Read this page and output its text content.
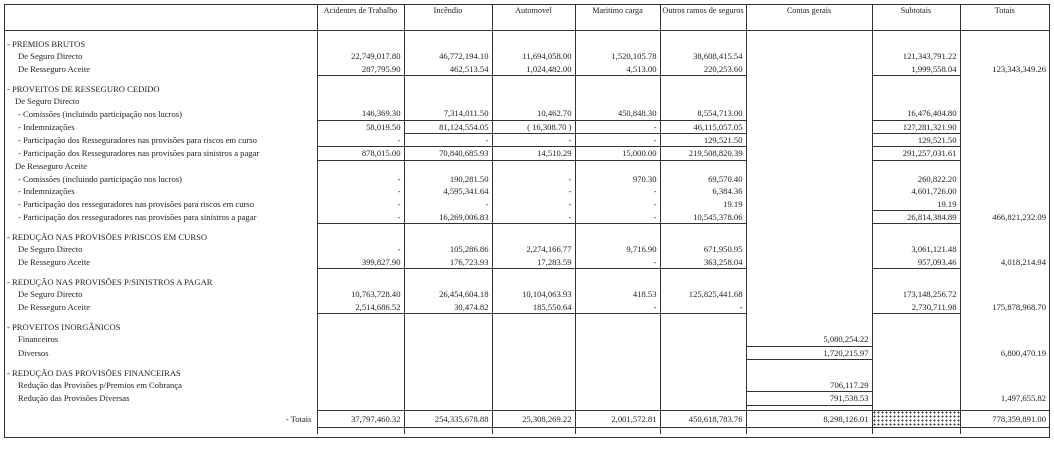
	Acidentes de Trabalho	Incêndio	Automovel	Maritimo carga	Outros ramos de seguros	Contas gerais	Subtotais	Totais

- PREMIOS BRUTOS								
De Seguro Directo	22,749,017.80	46,772,194.10	11,694,058.00	1,520,105.78	38,608,415.54		121,343,791.22	
De Resseguro Aceite	287,795.90	462,513.54	1,024,482.00	4,513.00	220,253.60		1,999,558.04	123,343,349.26

- PROVEITOS DE RESSEGURO CEDIDO								
De Seguro Directo								
- Comissões (incluindo participação nos lucros)	146,369.30	7,314,011.50	10,462.70	450,848.30	8,554,713.00		16,476,404.80	
- Indemnizações	58,019.50	81,124,554.05	( 16,308.70 )	-	46,115,057.05		127,281,321.90	
- Participação dos Resseguradores nas provisões para riscos em curso	-	-	-	-	129,521.50		129,521.50	
- Participação dos Resseguradores nas provisões para sinistros a pagar	878,015.00	70,840,685.93	14,510.29	15,000.00	219,508,820.39		291,257,031.61	
De Resseguro Aceite								
- Comissões (incluindo participação nos lucros)	-	190,281.50	-	970.30	69,570.40		260,822.20	
- Indemnizações	-	4,595,341.64	-	-	6,384.36		4,601,726.00	
- Participação dos resseguradores nas provisões para riscos em curso	-	-	-	-	19.19		19.19	
- Participação dos resseguradores nas provisões para sinistros a pagar	-	16,269,006.83	-	-	10,545,378.06		26,814,384.89	466,821,232.09

- REDUÇÃO NAS PROVISÕES P/RISCOS EM CURSO								
De Seguro Directo	-	105,286.86	2,274,166.77	9,716.90	671,950.95		3,061,121.48	
De Resseguro Aceite	399,827.90	176,723.93	17,283.59	-	363,258.04		957,093.46	4,018,214.94

- REDUÇÃO NAS PROVISÕES P/SINISTROS A PAGAR								
De Seguro Directo	10,763,728.40	26,454,604.18	10,104,063.93	418.53	125,825,441.68		173,148,256.72	
De Resseguro Aceite	2,514,686.52	30,474.82	185,550.64	-	-		2,730,711.98	175,878,968.70

- PROVEITOS INORGÂNICOS								
Financeiros						5,080,254.22		
Diversos						1,720,215.97		6,800,470.19

- REDUÇÃO DAS PROVISÕES FINANCEIRAS								
Redução das Provisões p/Premios em Cobrança						706,117.29		
Redução das Provisões Diversas						791,538.53		1,497,655.82

- Totais	37,797,460.32	254,335,678.88	25,308,269.22	2,001,572.81	450,618,783.76	8,298,126.01		778,359,891.00
